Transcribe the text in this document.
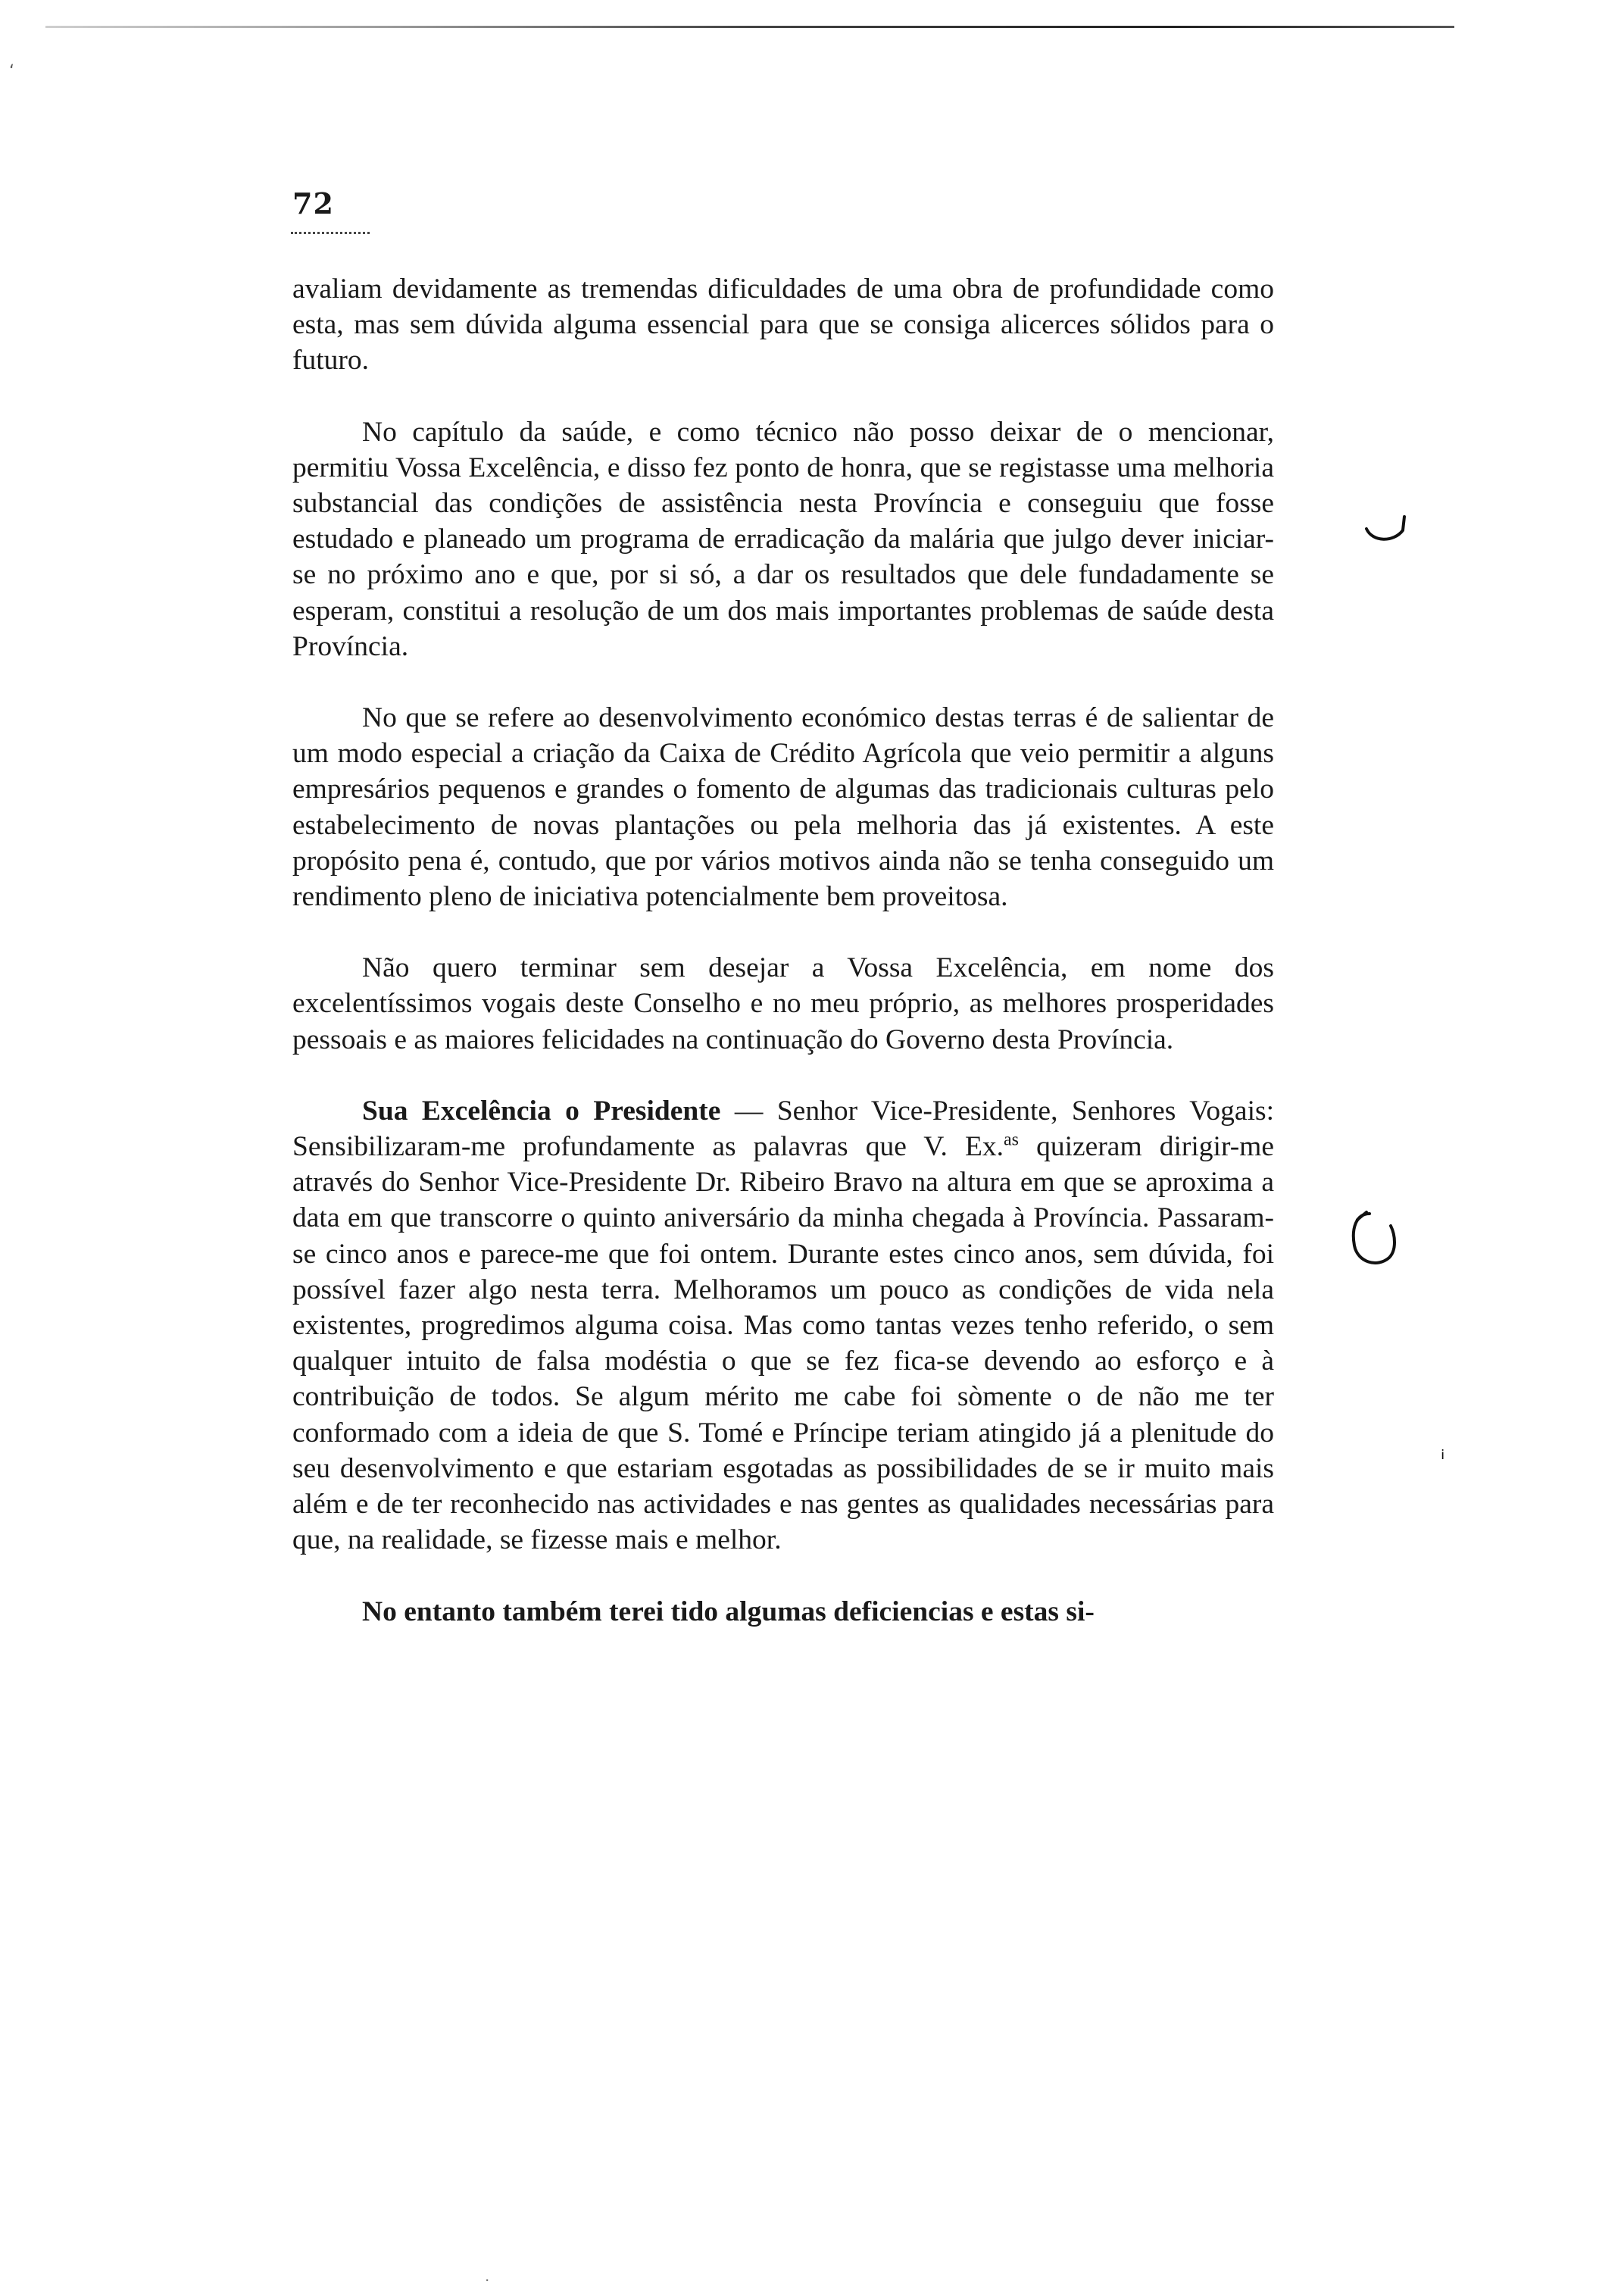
‘
72

avaliam devidamente as tremendas dificuldades de uma obra de profundidade como esta, mas sem dúvida alguma essencial para que se consiga alicerces sólidos para o futuro.

No capítulo da saúde, e como técnico não posso deixar de o mencionar, permitiu Vossa Excelência, e disso fez ponto de honra, que se registasse uma melhoria substancial das condições de assistência nesta Província e conseguiu que fosse estudado e planeado um programa de erradicação da malária que julgo dever iniciar-se no próximo ano e que, por si só, a dar os resultados que dele fundadamente se esperam, constitui a resolução de um dos mais importantes problemas de saúde desta Província.

No que se refere ao desenvolvimento económico destas terras é de salientar de um modo especial a criação da Caixa de Crédito Agrícola que veio permitir a alguns empresários pequenos e grandes o fomento de algumas das tradicionais culturas pelo estabelecimento de novas plantações ou pela melhoria das já existentes. A este propósito pena é, contudo, que por vários motivos ainda não se tenha conseguido um rendimento pleno de iniciativa potencialmente bem proveitosa.

Não quero terminar sem desejar a Vossa Excelência, em nome dos excelentíssimos vogais deste Conselho e no meu próprio, as melhores prosperidades pessoais e as maiores felicidades na continuação do Governo desta Província.

Sua Excelência o Presidente — Senhor Vice-Presidente, Senhores Vogais: Sensibilizaram-me profundamente as palavras que V. Ex.$^{as}$ quizeram dirigir-me através do Senhor Vice-Presidente Dr. Ribeiro Bravo na altura em que se aproxima a data em que transcorre o quinto aniversário da minha chegada à Província. Passaram-se cinco anos e parece-me que foi ontem. Durante estes cinco anos, sem dúvida, foi possível fazer algo nesta terra. Melhoramos um pouco as condições de vida nela existentes, progredimos alguma coisa. Mas como tantas vezes tenho referido, o sem qualquer intuito de falsa modéstia o que se fez fica-se devendo ao esforço e à contribuição de todos. Se algum mérito me cabe foi sòmente o de não me ter conformado com a ideia de que S. Tomé e Príncipe teriam atingido já a plenitude do seu desenvolvimento e que estariam esgotadas as possibilidades de se ir muito mais além e de ter reconhecido nas actividades e nas gentes as qualidades necessárias para que, na realidade, se fizesse mais e melhor.

No entanto também terei tido algumas deficiencias e estas si-

ᵢ
·
